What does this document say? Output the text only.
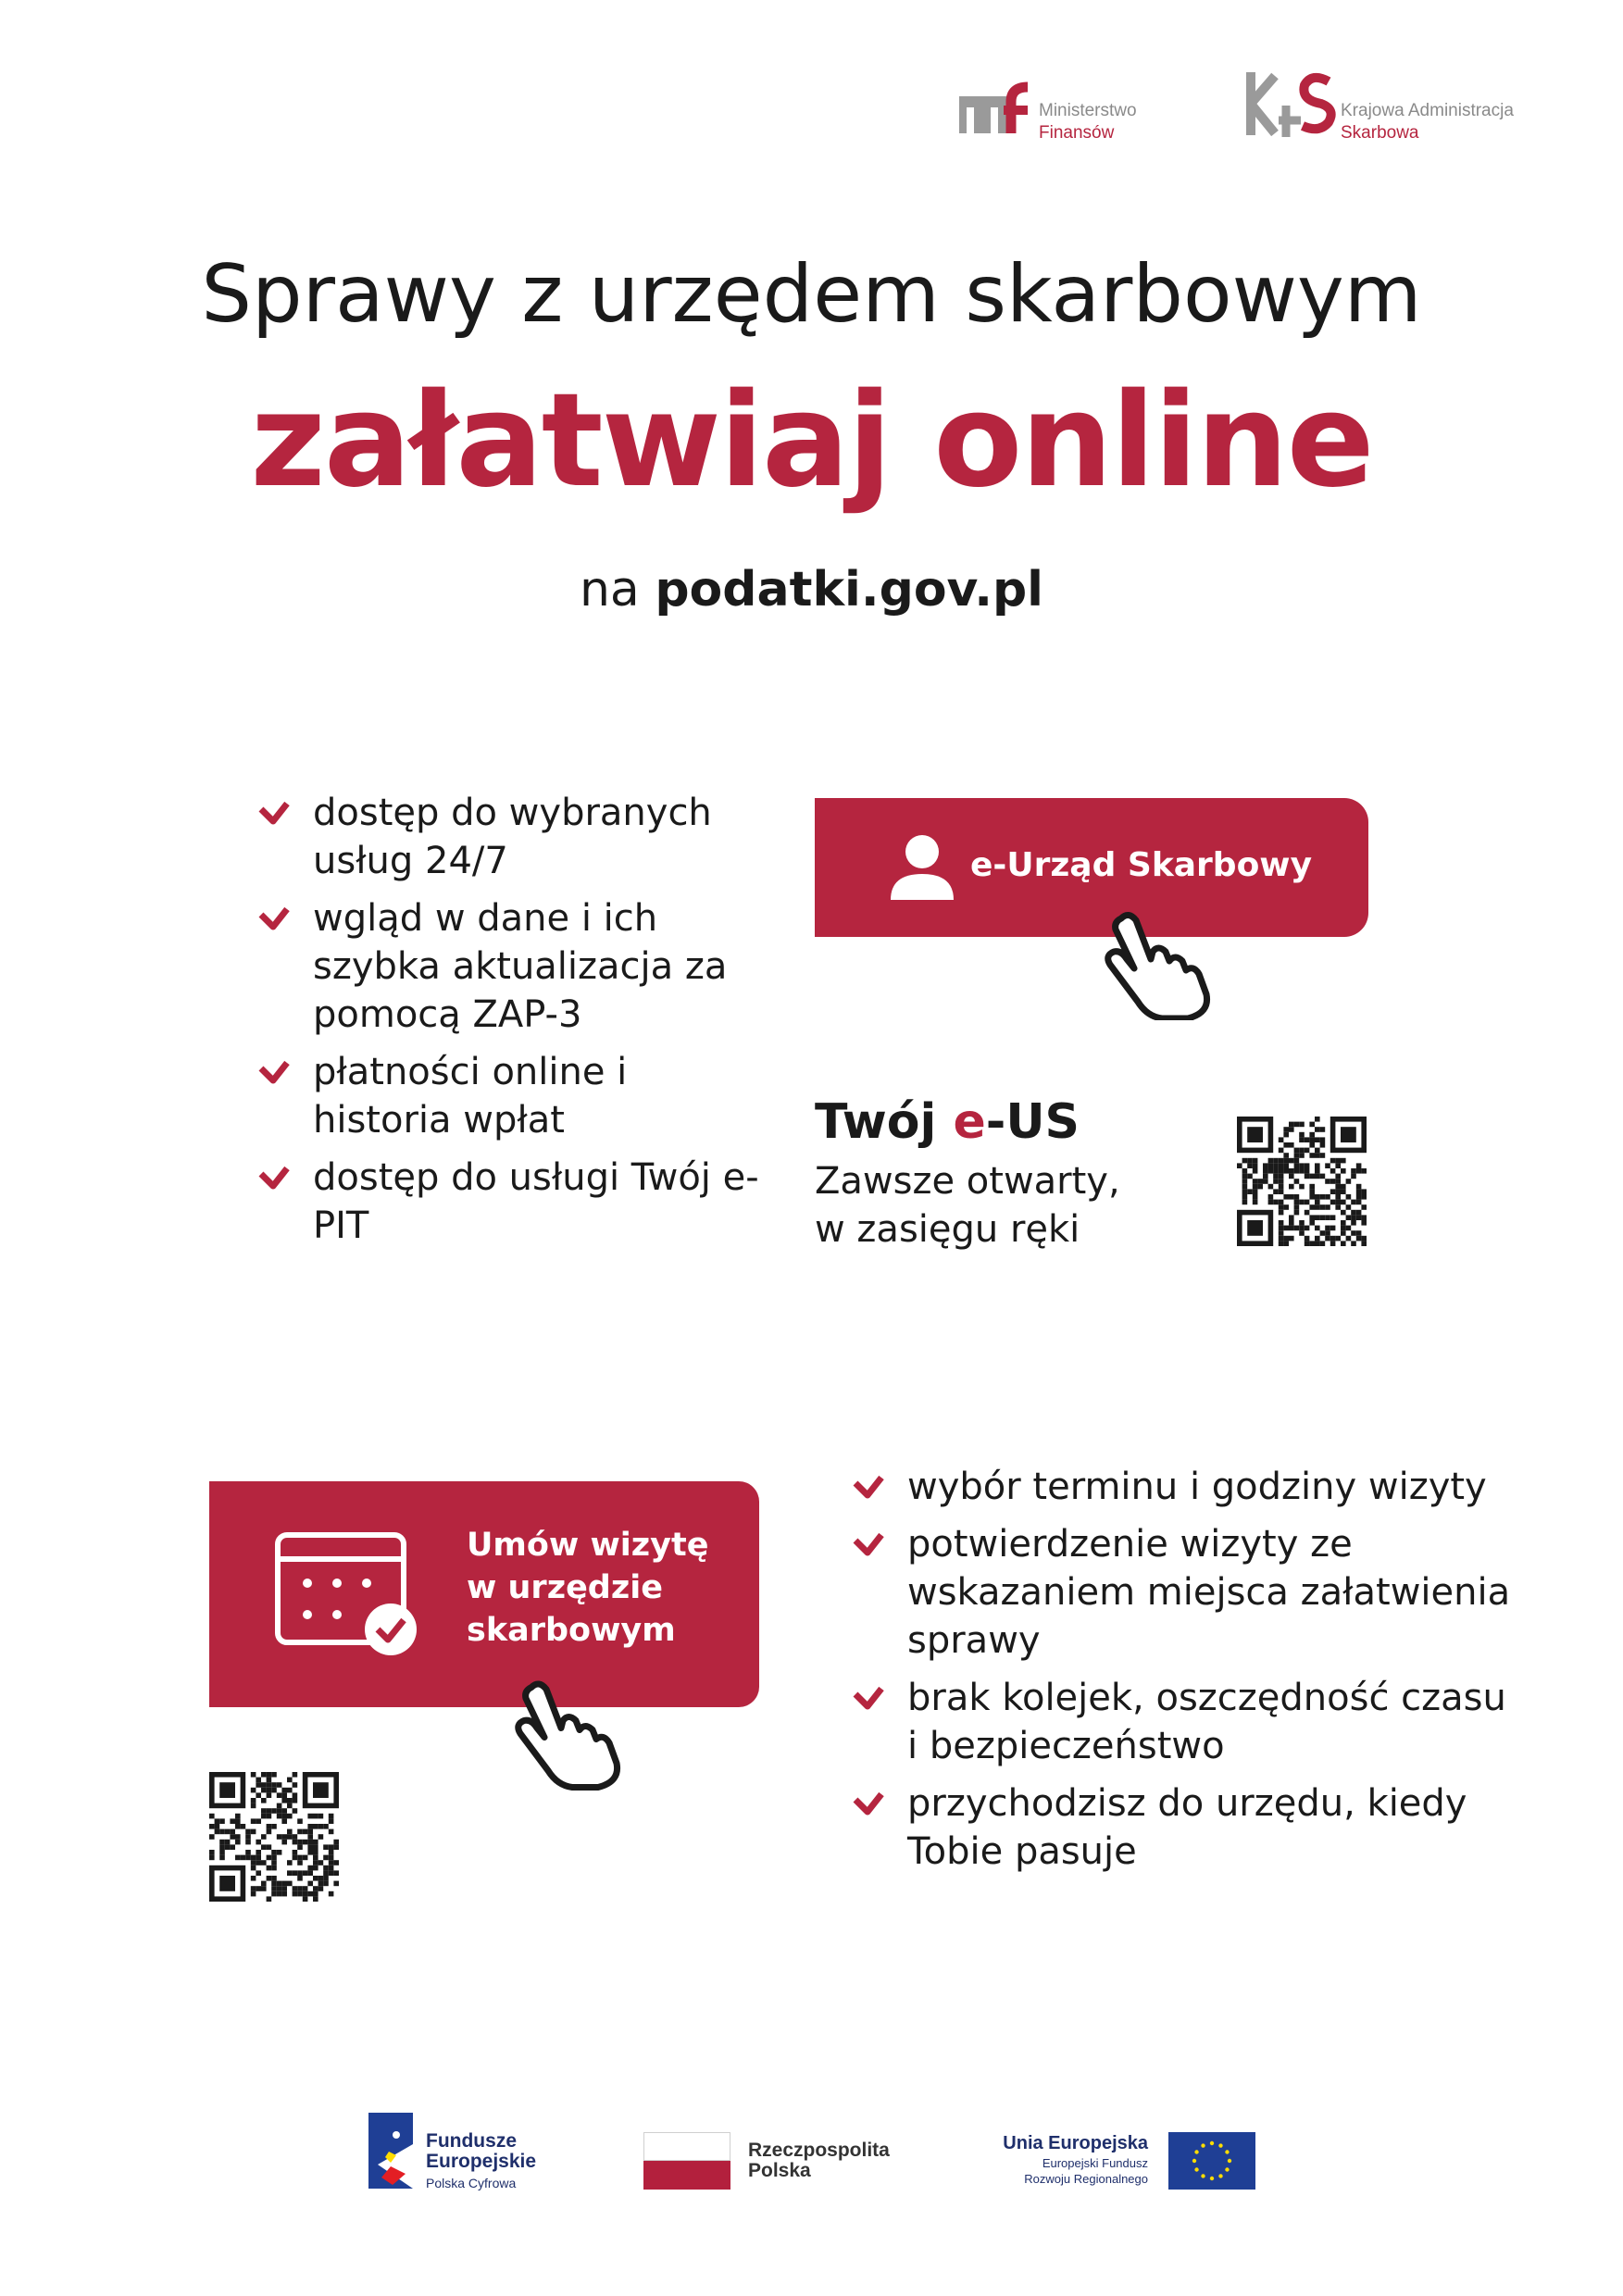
Ministerstwo
Finansów
Krajowa Administracja
Skarbowa
Sprawy z urzędem skarbowym
załatwiaj online
na podatki.gov.pl
dostęp do wybranych usług 24/7
wgląd w dane i ich szybka aktualizacja za pomocą ZAP-3
płatności online i historia wpłat
dostęp do usługi Twój e-PIT
e-Urząd Skarbowy
Twój e-US
Zawsze otwarty,
w zasięgu ręki
Umów wizytę w urzędzie skarbowym
wybór terminu i godziny wizyty
potwierdzenie wizyty ze wskazaniem miejsca załatwienia sprawy
brak kolejek, oszczędność czasu i bezpieczeństwo
przychodzisz do urzędu, kiedy Tobie pasuje
Fundusze
Europejskie
Polska Cyfrowa
Rzeczpospolita
Polska
Unia Europejska
Europejski Fundusz
Rozwoju Regionalnego
